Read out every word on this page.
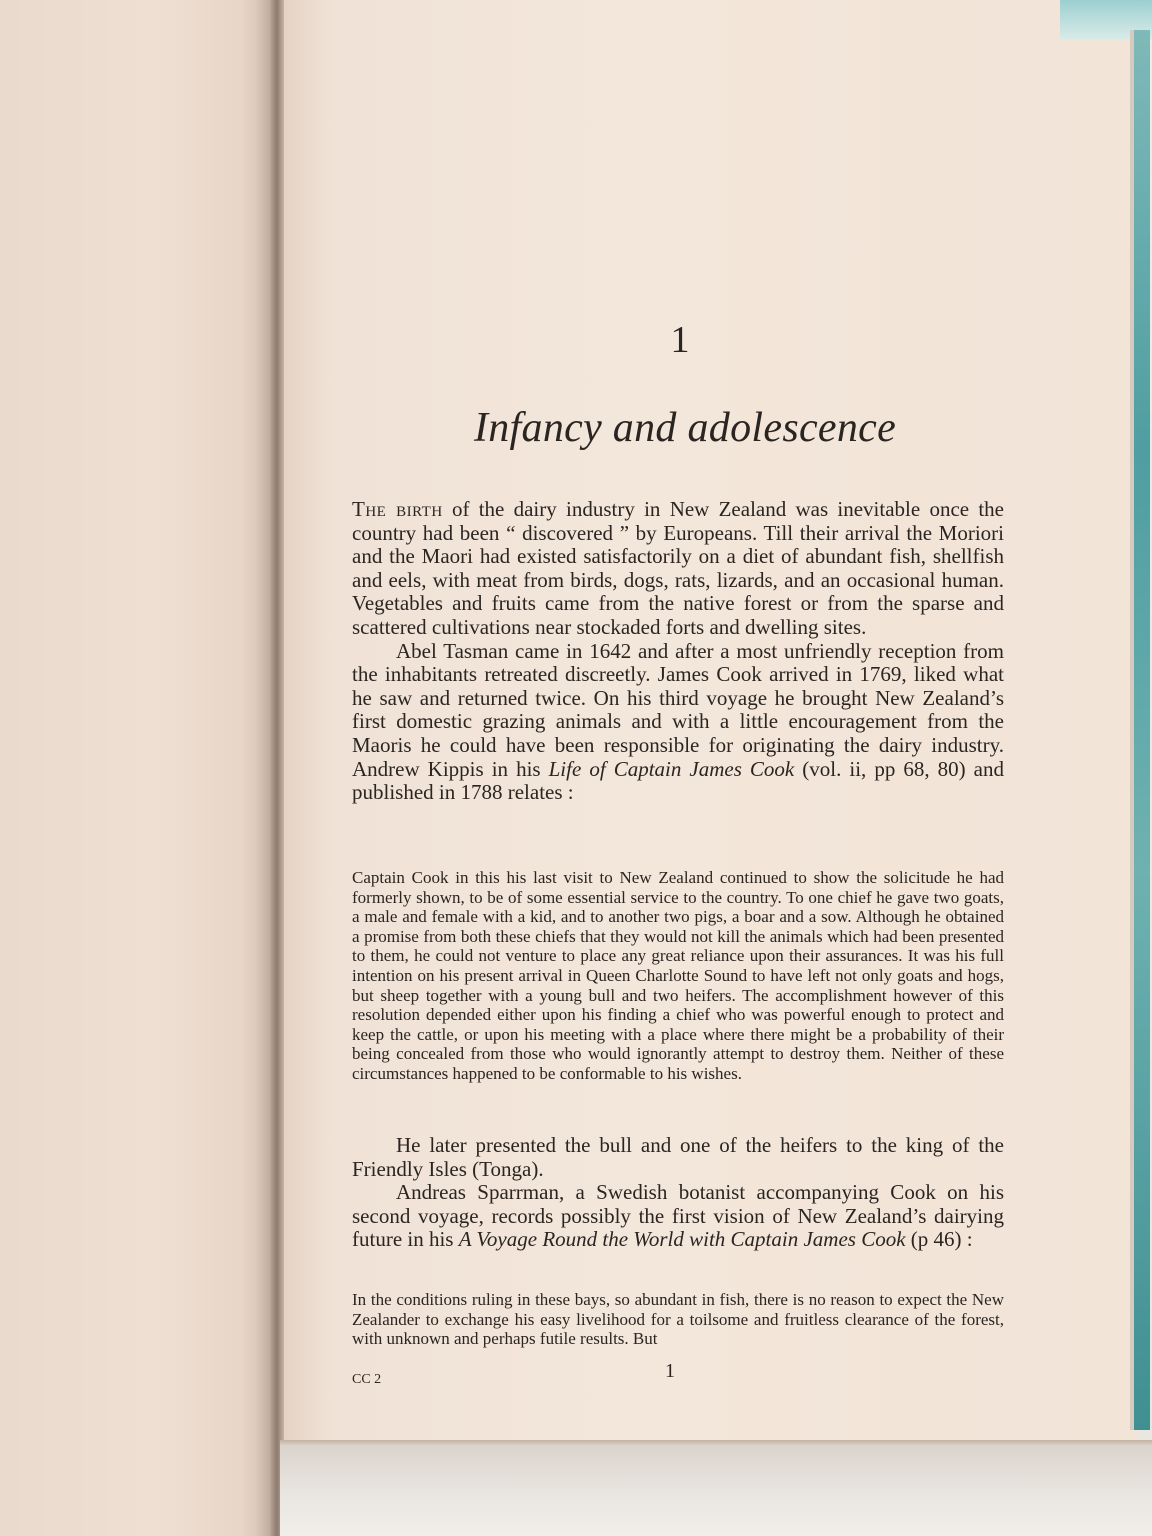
1
Infancy and adolescence

The birth of the dairy industry in New Zealand was inevitable once the country had been “ discovered ” by Europeans. Till their arrival the Moriori and the Maori had existed satisfactorily on a diet of abundant fish, shellfish and eels, with meat from birds, dogs, rats, lizards, and an occasional human. Vegetables and fruits came from the native forest or from the sparse and scattered cultivations near stockaded forts and dwelling sites.

Abel Tasman came in 1642 and after a most unfriendly reception from the inhabitants retreated discreetly. James Cook arrived in 1769, liked what he saw and returned twice. On his third voyage he brought New Zealand’s first domestic grazing animals and with a little encouragement from the Maoris he could have been responsible for originating the dairy industry. Andrew Kippis in his Life of Captain James Cook (vol. ii, pp 68, 80) and published in 1788 relates :

Captain Cook in this his last visit to New Zealand continued to show the solicitude he had formerly shown, to be of some essential service to the country. To one chief he gave two goats, a male and female with a kid, and to another two pigs, a boar and a sow. Although he obtained a promise from both these chiefs that they would not kill the animals which had been presented to them, he could not venture to place any great reliance upon their assurances. It was his full intention on his present arrival in Queen Charlotte Sound to have left not only goats and hogs, but sheep together with a young bull and two heifers. The accomplishment however of this resolution depended either upon his finding a chief who was powerful enough to protect and keep the cattle, or upon his meeting with a place where there might be a probability of their being concealed from those who would ignorantly attempt to destroy them. Neither of these circumstances happened to be conformable to his wishes.

He later presented the bull and one of the heifers to the king of the Friendly Isles (Tonga).

Andreas Sparrman, a Swedish botanist accompanying Cook on his second voyage, records possibly the first vision of New Zealand’s dairying future in his A Voyage Round the World with Captain James Cook (p 46) :

In the conditions ruling in these bays, so abundant in fish, there is no reason to expect the New Zealander to exchange his easy livelihood for a toilsome and fruitless clearance of the forest, with unknown and perhaps futile results. But

1
CC 2
